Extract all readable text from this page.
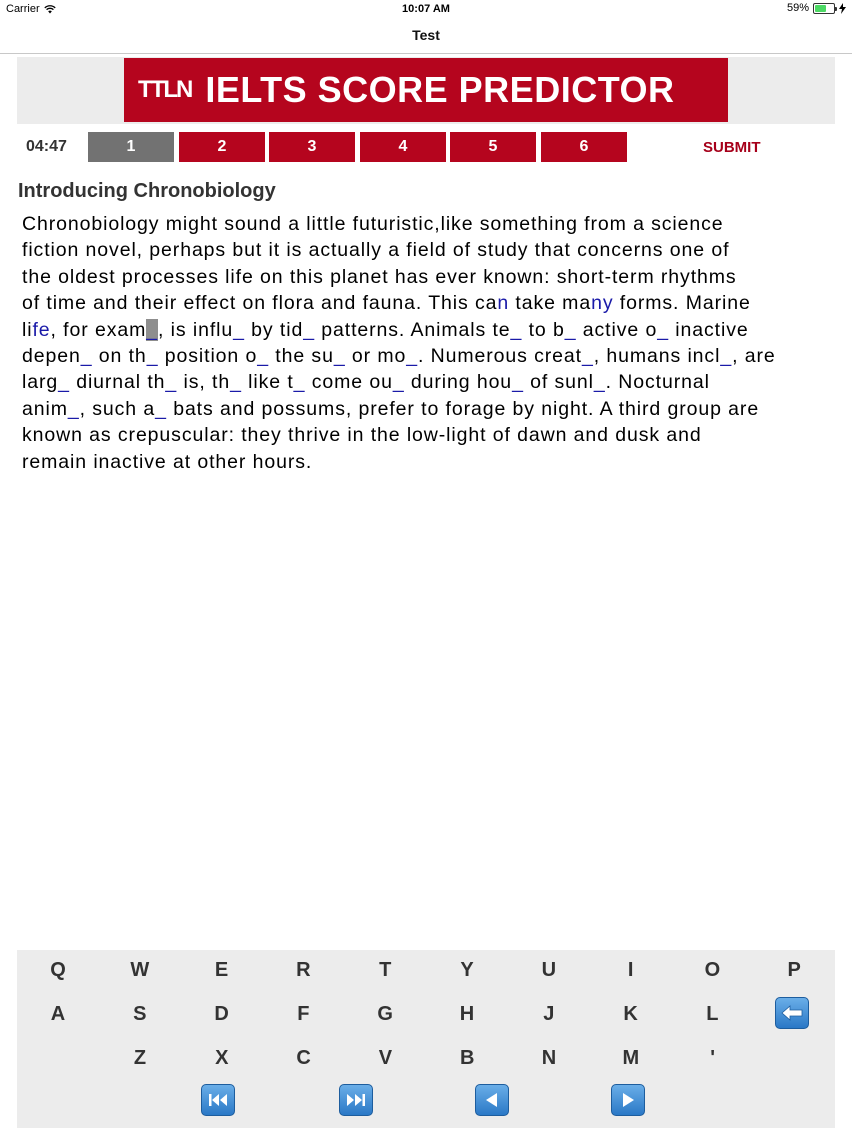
Carrier	10:07 AM	59%
Test
TTLN IELTS SCORE PREDICTOR
04:47	1	2	3	4	5	6	SUBMIT
Introducing Chronobiology
Chronobiology might sound a little futuristic,like something from a science
fiction novel, perhaps but it is actually a field of study that concerns one of
the oldest processes life on this planet has ever known: short-term rhythms
of time and their effect on flora and fauna. This can take many forms. Marine
life, for exam_, is influ_ by tid_ patterns. Animals te_ to b_ active o_ inactive
depen_ on th_ position o_ the su_ or mo_. Numerous creat_, humans incl_, are
larg_ diurnal th_ is, th_ like t_ come ou_ during hou_ of sunl_. Nocturnal
anim_, such a_ bats and possums, prefer to forage by night. A third group are
known as crepuscular: they thrive in the low-light of dawn and dusk and
remain inactive at other hours.
Q	W	E	R	T	Y	U	I	O	P
A	S	D	F	G	H	J	K	L
Z	X	C	V	B	N	M	'
